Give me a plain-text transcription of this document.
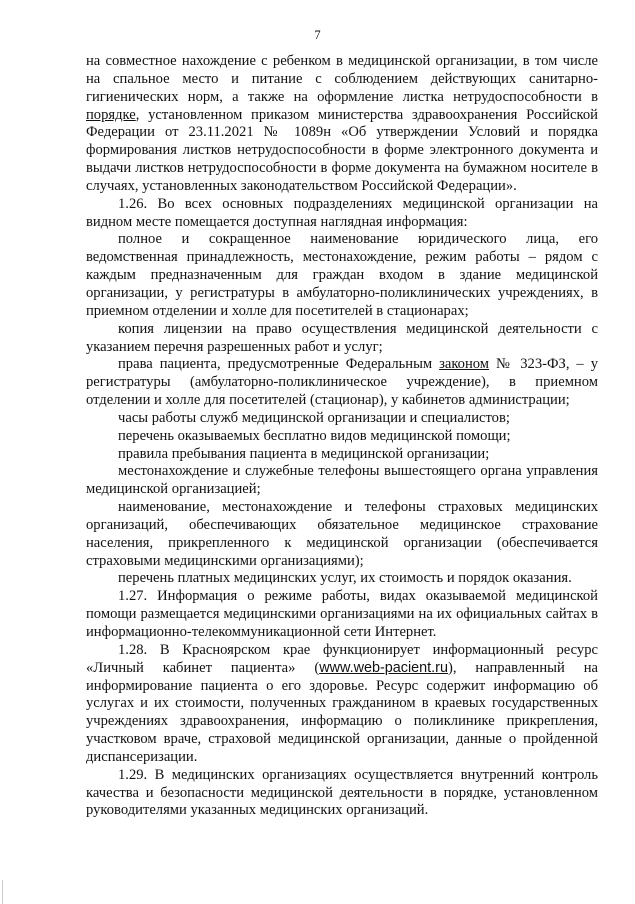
7

на совместное нахождение с ребенком в медицинской организации, в том числе на спальное место и питание с соблюдением действующих санитарно-гигиенических норм, а также на оформление листка нетрудоспособности в порядке, установленном приказом министерства здравоохранения Российской Федерации от 23.11.2021 № 1089н «Об утверждении Условий и порядка формирования листков нетрудоспособности в форме электронного документа и выдачи листков нетрудоспособности в форме документа на бумажном носителе в случаях, установленных законодательством Российской Федерации».

1.26. Во всех основных подразделениях медицинской организации на видном месте помещается доступная наглядная информация:

полное и сокращенное наименование юридического лица, его ведомственная принадлежность, местонахождение, режим работы – рядом с каждым предназначенным для граждан входом в здание медицинской организации, у регистратуры в амбулаторно-поликлинических учреждениях, в приемном отделении и холле для посетителей в стационарах;

копия лицензии на право осуществления медицинской деятельности с указанием перечня разрешенных работ и услуг;

права пациента, предусмотренные Федеральным законом № 323-ФЗ, – у регистратуры (амбулаторно-поликлиническое учреждение), в приемном отделении и холле для посетителей (стационар), у кабинетов администрации;

часы работы служб медицинской организации и специалистов;

перечень оказываемых бесплатно видов медицинской помощи;

правила пребывания пациента в медицинской организации;

местонахождение и служебные телефоны вышестоящего органа управления медицинской организацией;

наименование, местонахождение и телефоны страховых медицинских организаций, обеспечивающих обязательное медицинское страхование населения, прикрепленного к медицинской организации (обеспечивается страховыми медицинскими организациями);

перечень платных медицинских услуг, их стоимость и порядок оказания.

1.27. Информация о режиме работы, видах оказываемой медицинской помощи размещается медицинскими организациями на их официальных сайтах в информационно-телекоммуникационной сети Интернет.

1.28. В Красноярском крае функционирует информационный ресурс «Личный кабинет пациента» (www.web-pacient.ru), направленный на информирование пациента о его здоровье. Ресурс содержит информацию об услугах и их стоимости, полученных гражданином в краевых государственных учреждениях здравоохранения, информацию о поликлинике прикрепления, участковом враче, страховой медицинской организации, данные о пройденной диспансеризации.

1.29. В медицинских организациях осуществляется внутренний контроль качества и безопасности медицинской деятельности в порядке, установленном руководителями указанных медицинских организаций.
